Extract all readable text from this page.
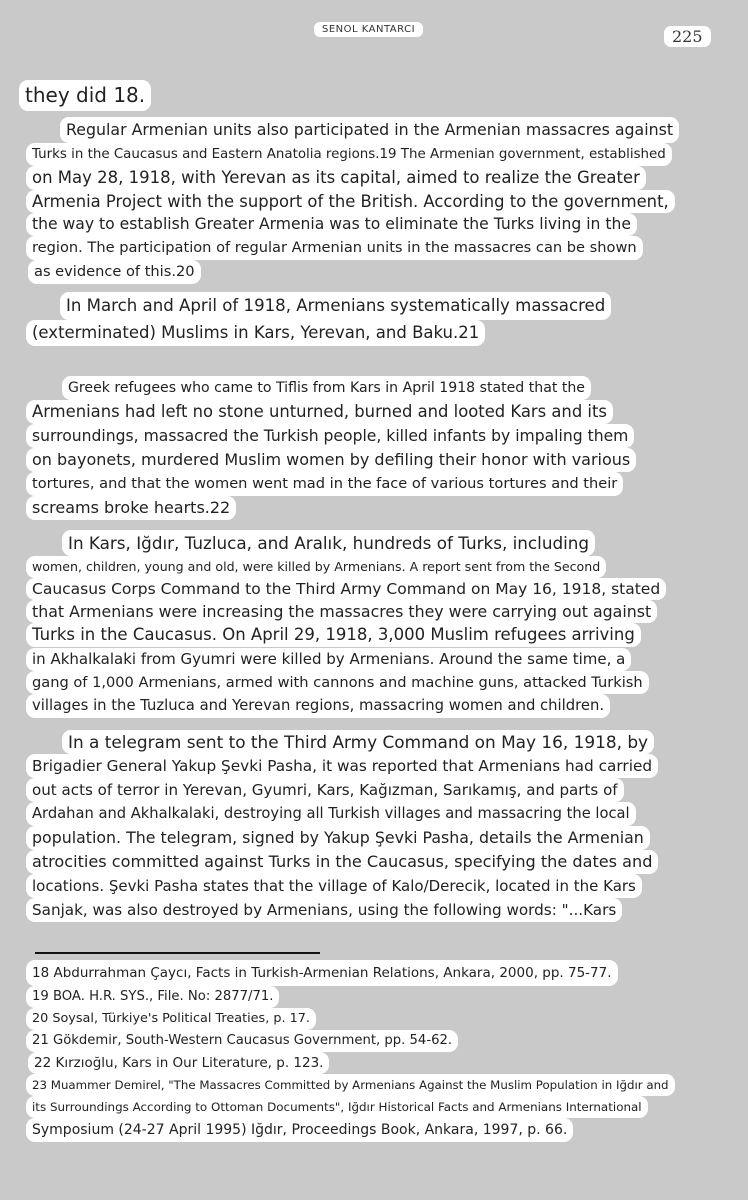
SENOL KANTARCI	225
they did 18.
Regular Armenian units also participated in the Armenian massacres against
Turks in the Caucasus and Eastern Anatolia regions.19 The Armenian government, established
on May 28, 1918, with Yerevan as its capital, aimed to realize the Greater
Armenia Project with the support of the British. According to the government,
the way to establish Greater Armenia was to eliminate the Turks living in the
region. The participation of regular Armenian units in the massacres can be shown
as evidence of this.20
In March and April of 1918, Armenians systematically massacred
(exterminated) Muslims in Kars, Yerevan, and Baku.21
Greek refugees who came to Tiflis from Kars in April 1918 stated that the
Armenians had left no stone unturned, burned and looted Kars and its
surroundings, massacred the Turkish people, killed infants by impaling them
on bayonets, murdered Muslim women by defiling their honor with various
tortures, and that the women went mad in the face of various tortures and their
screams broke hearts.22
In Kars, Iğdır, Tuzluca, and Aralık, hundreds of Turks, including
women, children, young and old, were killed by Armenians. A report sent from the Second
Caucasus Corps Command to the Third Army Command on May 16, 1918, stated
that Armenians were increasing the massacres they were carrying out against
Turks in the Caucasus. On April 29, 1918, 3,000 Muslim refugees arriving
in Akhalkalaki from Gyumri were killed by Armenians. Around the same time, a
gang of 1,000 Armenians, armed with cannons and machine guns, attacked Turkish
villages in the Tuzluca and Yerevan regions, massacring women and children.
In a telegram sent to the Third Army Command on May 16, 1918, by
Brigadier General Yakup Şevki Pasha, it was reported that Armenians had carried
out acts of terror in Yerevan, Gyumri, Kars, Kağızman, Sarıkamış, and parts of
Ardahan and Akhalkalaki, destroying all Turkish villages and massacring the local
population. The telegram, signed by Yakup Şevki Pasha, details the Armenian
atrocities committed against Turks in the Caucasus, specifying the dates and
locations. Şevki Pasha states that the village of Kalo/Derecik, located in the Kars
Sanjak, was also destroyed by Armenians, using the following words: "...Kars
18 Abdurrahman Çaycı, Facts in Turkish-Armenian Relations, Ankara, 2000, pp. 75-77.
19 BOA. H.R. SYS., File. No: 2877/71.
20 Soysal, Türkiye's Political Treaties, p. 17.
21 Gökdemir, South-Western Caucasus Government, pp. 54-62.
22 Kırzıoğlu, Kars in Our Literature, p. 123.
23 Muammer Demirel, "The Massacres Committed by Armenians Against the Muslim Population in Iğdır and
its Surroundings According to Ottoman Documents", Iğdır Historical Facts and Armenians International
Symposium (24-27 April 1995) Iğdır, Proceedings Book, Ankara, 1997, p. 66.
